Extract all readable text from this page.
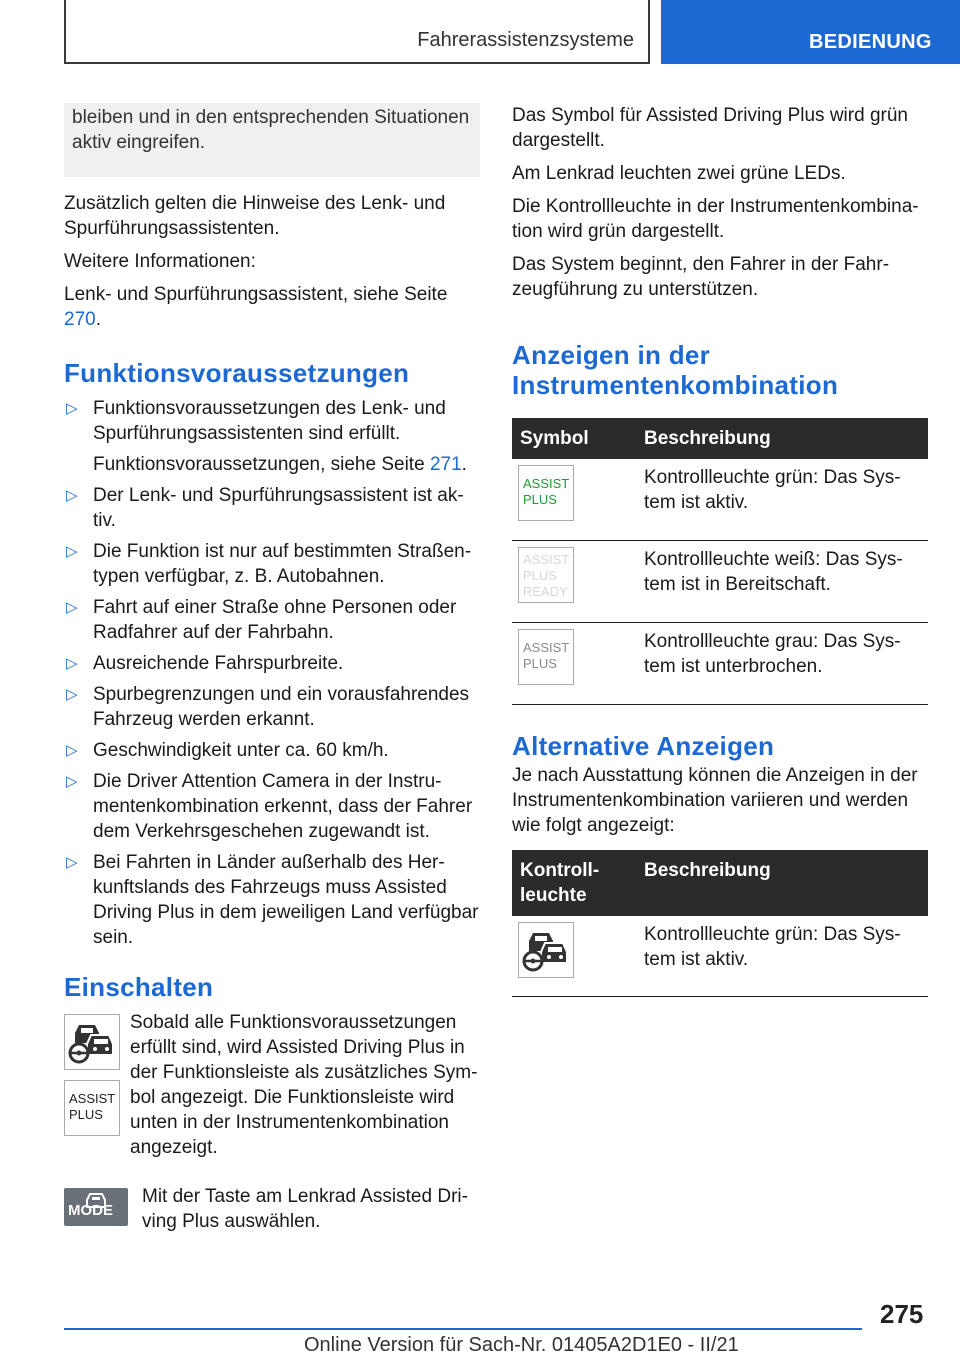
Fahrerassistenzsysteme	BEDIENUNG
bleiben und in den entsprechenden Situationen aktiv eingreifen.

Zusätzlich gelten die Hinweise des Lenk- und Spurführungsassistenten.

Weitere Informationen:

Lenk- und Spurführungsassistent, siehe Seite 270.

Funktionsvoraussetzungen
▷ Funktionsvoraussetzungen des Lenk- und Spurführungsassistenten sind erfüllt.
Funktionsvoraussetzungen, siehe Seite 271.
▷ Der Lenk- und Spurführungsassistent ist aktiv.
▷ Die Funktion ist nur auf bestimmten Straßentypen verfügbar, z. B. Autobahnen.
▷ Fahrt auf einer Straße ohne Personen oder Radfahrer auf der Fahrbahn.
▷ Ausreichende Fahrspurbreite.
▷ Spurbegrenzungen und ein vorausfahrendes Fahrzeug werden erkannt.
▷ Geschwindigkeit unter ca. 60 km/h.
▷ Die Driver Attention Camera in der Instrumentenkombination erkennt, dass der Fahrer dem Verkehrsgeschehen zugewandt ist.
▷ Bei Fahrten in Länder außerhalb des Herkunftslands des Fahrzeugs muss Assisted Driving Plus in dem jeweiligen Land verfügbar sein.
Einschalten

ASSIST
PLUS
Sobald alle Funktionsvoraussetzungen erfüllt sind, wird Assisted Driving Plus in der Funktionsleiste als zusätzliches Symbol angezeigt. Die Funktionsleiste wird unten in der Instrumentenkombination angezeigt.
MODE
Mit der Taste am Lenkrad Assisted Driving Plus auswählen.

Das Symbol für Assisted Driving Plus wird grün dargestellt.

Am Lenkrad leuchten zwei grüne LEDs.

Die Kontrollleuchte in der Instrumentenkombination wird grün dargestellt.

Das System beginnt, den Fahrer in der Fahrzeugführung zu unterstützen.

Anzeigen in der Instrumentenkombination
Symbol	Beschreibung

ASSIST
PLUS	Kontrollleuchte grün: Das System ist aktiv.

ASSIST
PLUS
READY	Kontrollleuchte weiß: Das System ist in Bereitschaft.

ASSIST
PLUS	Kontrollleuchte grau: Das System ist unterbrochen.
Alternative Anzeigen

Je nach Ausstattung können die Anzeigen in der Instrumentenkombination variieren und werden wie folgt angezeigt:

Kontrollleuchte	Beschreibung
	Kontrollleuchte grün: Das System ist aktiv.
275
Online Version für Sach-Nr. 01405A2D1E0 - II/21
